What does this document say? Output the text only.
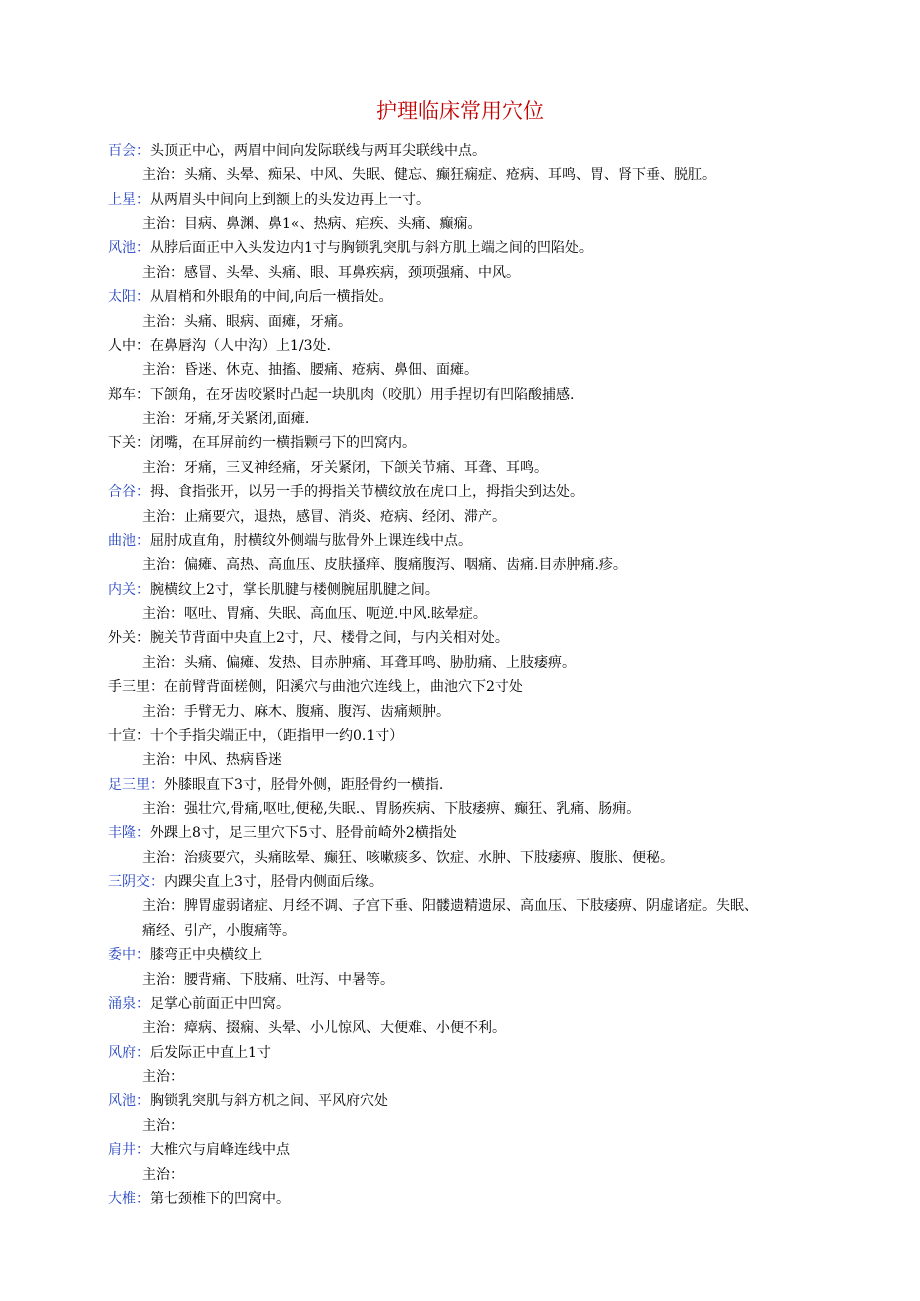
护理临床常用穴位
百会：头顶正中心，两眉中间向发际联线与两耳尖联线中点。
主治：头痛、头晕、痴呆、中风、失眠、健忘、癫狂痫症、疮病、耳鸣、胃、肾下垂、脱肛。
上星：从两眉头中间向上到额上的头发边再上一寸。
主治：目病、鼻渊、鼻1«、热病、疟疾、头痛、癫痫。
风池：从脖后面正中入头发边内1寸与胸锁乳突肌与斜方肌上端之间的凹陷处。
主治：感冒、头晕、头痛、眼、耳鼻疾病，颈项强痛、中风。
太阳：从眉梢和外眼角的中间,向后一横指处。
主治：头痛、眼病、面瘫，牙痛。
人中：在鼻唇沟（人中沟）上1/3处.
主治：昏迷、休克、抽搐、腰痛、疮病、鼻佃、面瘫。
郑车：下颌角，在牙齿咬紧时凸起一块肌肉（咬肌）用手捏切有凹陷酸捕感.
主治：牙痛,牙关紧闭,面瘫.
下关：闭嘴，在耳屏前约一横指颗弓下的凹窝内。
主治：牙痛，三叉神经痛，牙关紧闭，下颌关节痛、耳聋、耳鸣。
合谷：拇、食指张开，以另一手的拇指关节横纹放在虎口上，拇指尖到达处。
主治：止痛要穴，退热，感冒、消炎、疮病、经闭、滞产。
曲池：屈肘成直角，肘横纹外侧端与肱骨外上课连线中点。
主治：偏瘫、高热、高血压、皮肤搔痒、腹痛腹泻、咽痛、齿痛.目赤肿痛.疹。
内关：腕横纹上2寸，掌长肌腱与楼侧腕屈肌腱之间。
主治：呕吐、胃痛、失眠、高血压、呃逆.中风.眩晕症。
外关：腕关节背面中央直上2寸，尺、楼骨之间，与内关相对处。
主治：头痛、偏瘫、发热、目赤肿痛、耳聋耳鸣、胁肋痛、上肢痿痹。
手三里：在前臂背面槎侧，阳溪穴与曲池穴连线上，曲池穴下2寸处
主治：手臂无力、麻木、腹痛、腹泻、齿痛颊肿。
十宣：十个手指尖端正中，（距指甲一约0.1寸）
主治：中风、热病昏迷
足三里：外膝眼直下3寸，胫骨外侧，距胫骨约一横指.
主治：强壮穴,骨痛,呕吐,便秘,失眠.、胃肠疾病、下肢痿痹、癫狂、乳痛、肠痈。
丰隆：外踝上8寸，足三里穴下5寸、胫骨前崎外2横指处
主治：治痰要穴，头痛眩晕、癫狂、咳嗽痰多、饮症、水肿、下肢痿痹、腹胀、便秘。
三阴交：内踝尖直上3寸，胫骨内侧面后缘。
主治：脾胃虚弱诸症、月经不调、子宫下垂、阳髅遗精遗尿、高血压、下肢痿痹、阴虚诸症。失眠、
痛经、引产，小腹痛等。
委中：膝弯正中央横纹上
主治：腰背痛、下肢痛、吐泻、中暑等。
涌泉：足掌心前面正中凹窝。
主治：瘴病、掇痫、头晕、小儿惊风、大便难、小便不利。
风府：后发际正中直上1寸
主治：
风池：胸锁乳突肌与斜方机之间、平风府穴处
主治：
肩井：大椎穴与肩峰连线中点
主治：
大椎：第七颈椎下的凹窝中。
